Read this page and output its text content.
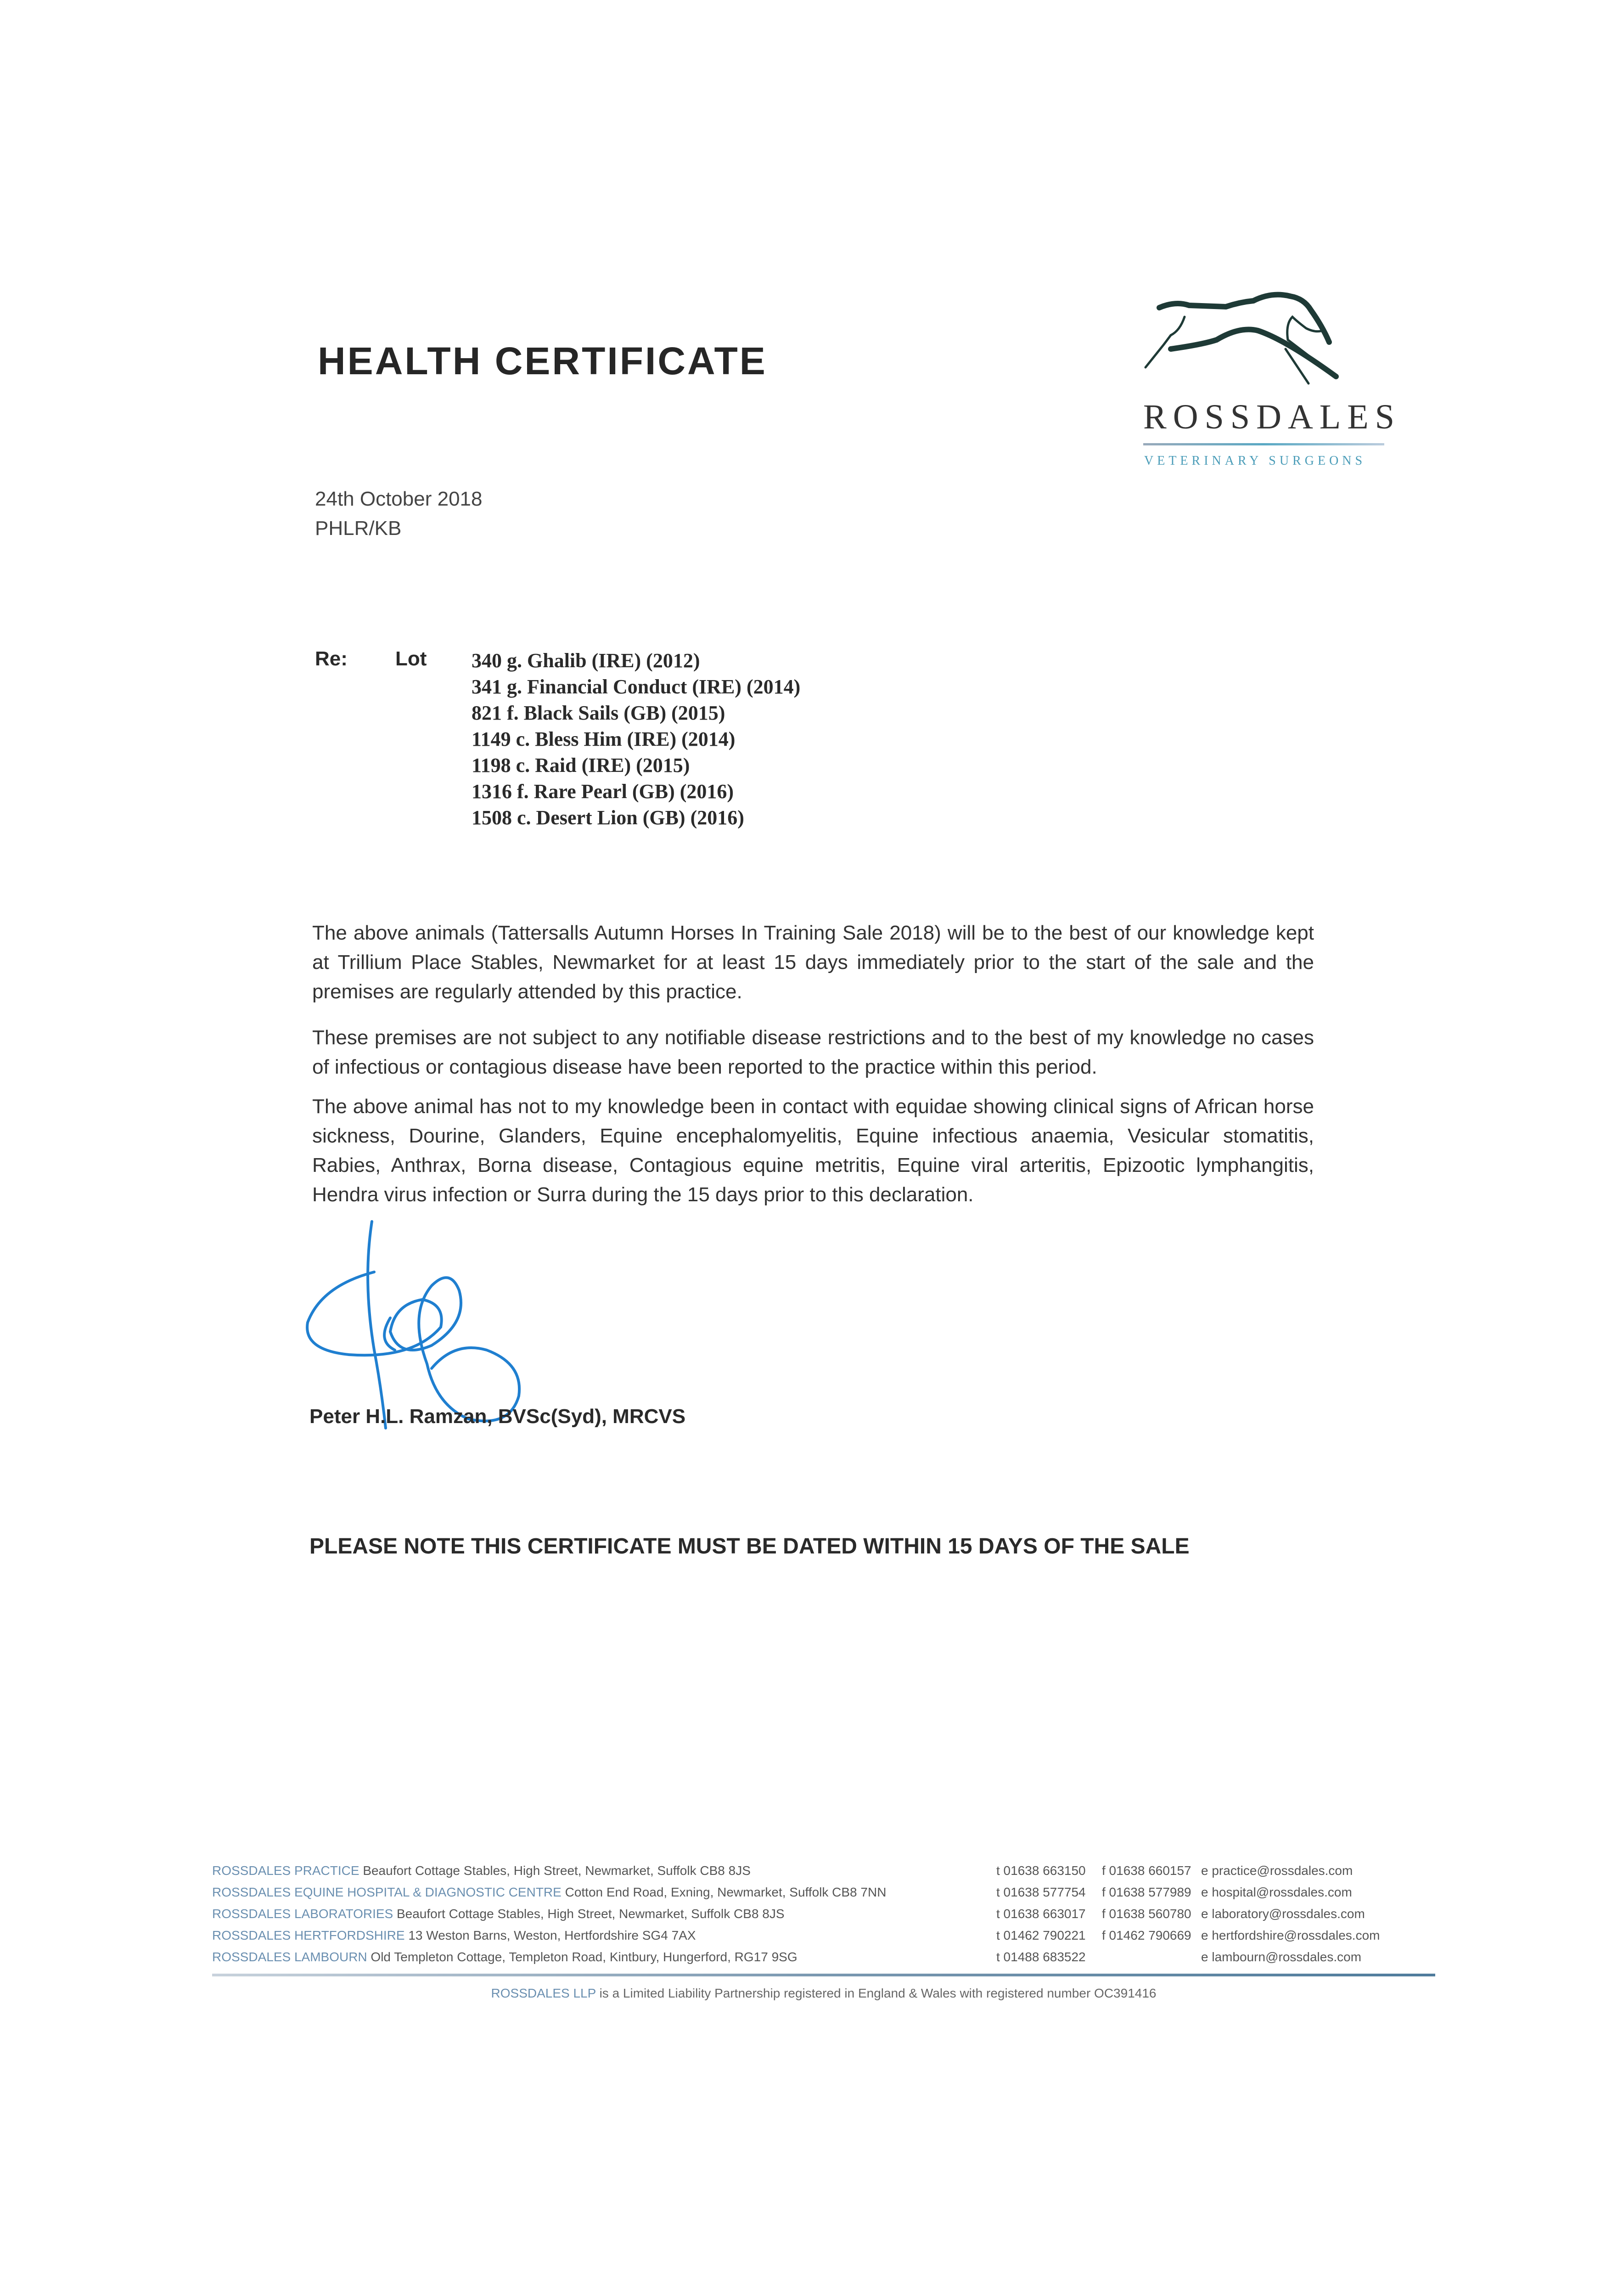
HEALTH CERTIFICATE
ROSSDALES
VETERINARY SURGEONS
24th October 2018
PHLR/KB
Re: Lot 340 g. Ghalib (IRE) (2012)
341 g. Financial Conduct (IRE) (2014)
821 f. Black Sails (GB) (2015)
1149 c. Bless Him (IRE) (2014)
1198 c. Raid (IRE) (2015)
1316 f. Rare Pearl (GB) (2016)
1508 c. Desert Lion (GB) (2016)
The above animals (Tattersalls Autumn Horses In Training Sale 2018) will be to the best of our knowledge kept at Trillium Place Stables, Newmarket for at least 15 days immediately prior to the start of the sale and the premises are regularly attended by this practice.
These premises are not subject to any notifiable disease restrictions and to the best of my knowledge no cases of infectious or contagious disease have been reported to the practice within this period.
The above animal has not to my knowledge been in contact with equidae showing clinical signs of African horse sickness, Dourine, Glanders, Equine encephalomyelitis, Equine infectious anaemia, Vesicular stomatitis, Rabies, Anthrax, Borna disease, Contagious equine metritis, Equine viral arteritis, Epizootic lymphangitis, Hendra virus infection or Surra during the 15 days prior to this declaration.
Peter H.L. Ramzan, BVSc(Syd), MRCVS
PLEASE NOTE THIS CERTIFICATE MUST BE DATED WITHIN 15 DAYS OF THE SALE
ROSSDALES PRACTICE Beaufort Cottage Stables, High Street, Newmarket, Suffolk CB8 8JS
ROSSDALES EQUINE HOSPITAL & DIAGNOSTIC CENTRE Cotton End Road, Exning, Newmarket, Suffolk CB8 7NN
ROSSDALES LABORATORIES Beaufort Cottage Stables, High Street, Newmarket, Suffolk CB8 8JS
ROSSDALES HERTFORDSHIRE 13 Weston Barns, Weston, Hertfordshire SG4 7AX
ROSSDALES LAMBOURN Old Templeton Cottage, Templeton Road, Kintbury, Hungerford, RG17 9SG
t 01638 663150
t 01638 577754
t 01638 663017
t 01462 790221
t 01488 683522
f 01638 660157
f 01638 577989
f 01638 560780
f 01462 790669
e practice@rossdales.com
e hospital@rossdales.com
e laboratory@rossdales.com
e hertfordshire@rossdales.com
e lambourn@rossdales.com
ROSSDALES LLP is a Limited Liability Partnership registered in England & Wales with registered number OC391416
